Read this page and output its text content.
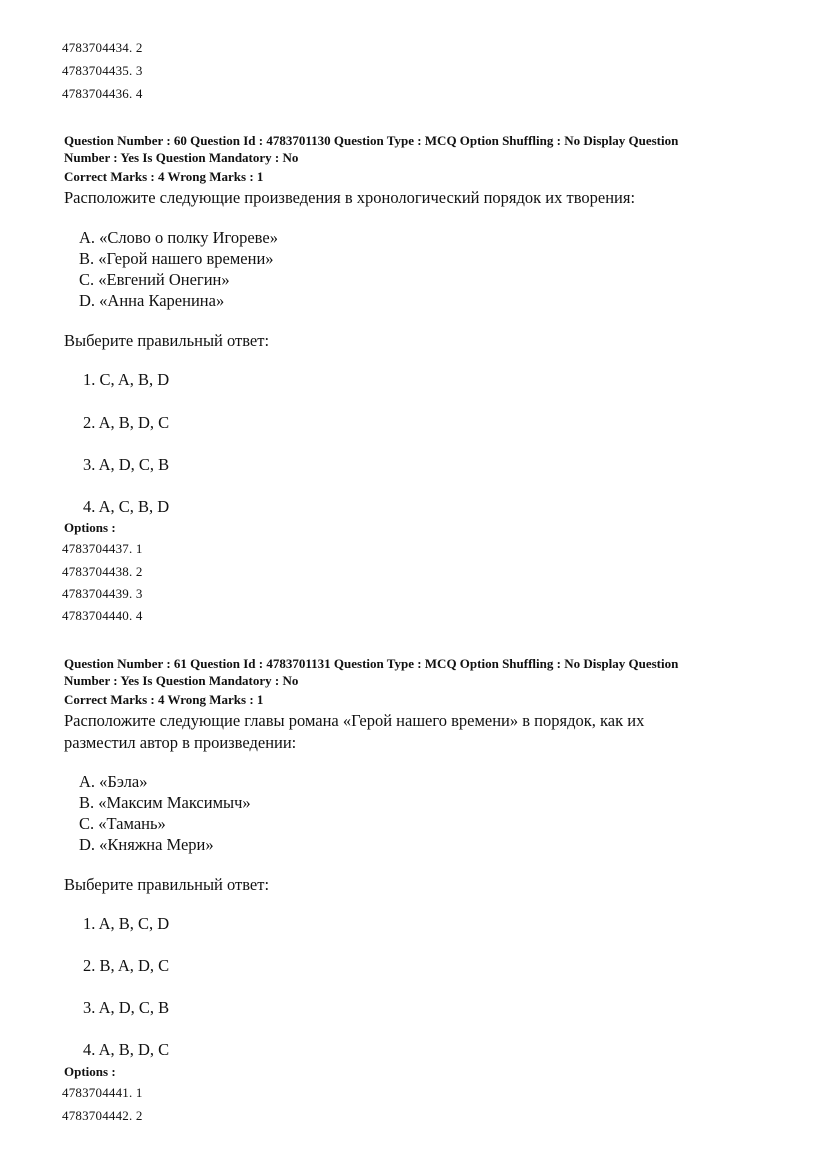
4783704434. 2
4783704435. 3
4783704436. 4
Question Number : 60 Question Id : 4783701130 Question Type : MCQ Option Shuffling : No Display Question
Number : Yes Is Question Mandatory : No
Correct Marks : 4 Wrong Marks : 1
Расположите следующие произведения в хронологический порядок их творения:
A. «Слово о полку Игореве»
B. «Герой нашего времени»
C. «Евгений Онегин»
D. «Анна Каренина»
Выберите правильный ответ:
1. C, A, B, D
2. A, B, D, C
3. A, D, C, B
4. A, C, B, D
Options :
4783704437. 1
4783704438. 2
4783704439. 3
4783704440. 4
Question Number : 61 Question Id : 4783701131 Question Type : MCQ Option Shuffling : No Display Question
Number : Yes Is Question Mandatory : No
Correct Marks : 4 Wrong Marks : 1
Расположите следующие главы романа «Герой нашего времени» в порядок, как их
разместил автор в произведении:
A. «Бэла»
B. «Максим Максимыч»
C. «Тамань»
D. «Княжна Мери»
Выберите правильный ответ:
1. A, B, C, D
2. B, A, D, C
3. A, D, C, B
4. A, B, D, C
Options :
4783704441. 1
4783704442. 2
